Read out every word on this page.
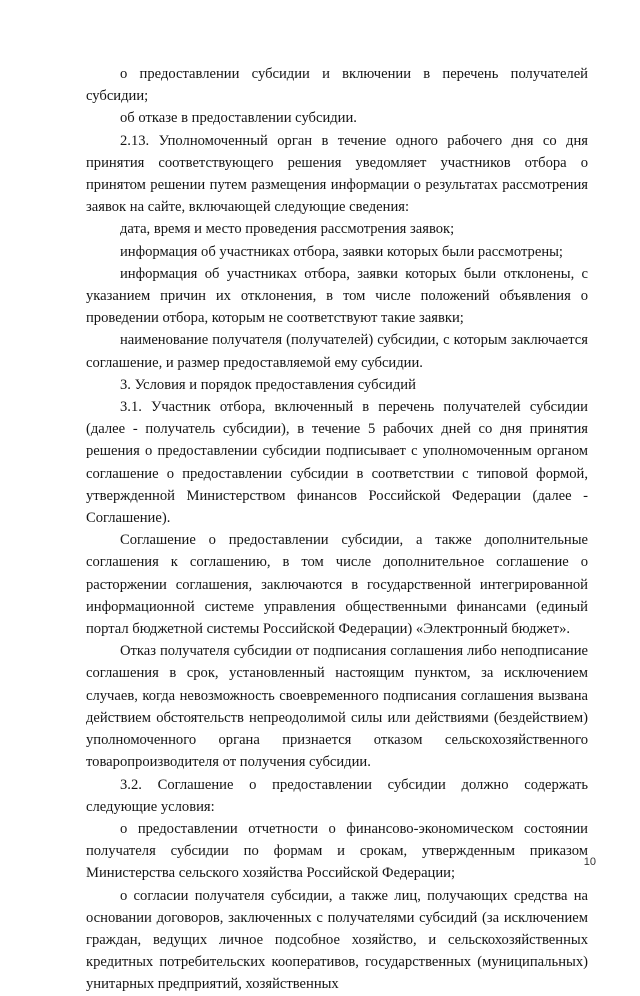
о предоставлении субсидии и включении в перечень получателей субсидии;

об отказе в предоставлении субсидии.

2.13. Уполномоченный орган в течение одного рабочего дня со дня принятия соответствующего решения уведомляет участников отбора о принятом решении путем размещения информации о результатах рассмотрения заявок на сайте, включающей следующие сведения:

дата, время и место проведения рассмотрения заявок;

информация об участниках отбора, заявки которых были рассмотрены;

информация об участниках отбора, заявки которых были отклонены, с указанием причин их отклонения, в том числе положений объявления о проведении отбора, которым не соответствуют такие заявки;

наименование получателя (получателей) субсидии, с которым заключается соглашение, и размер предоставляемой ему субсидии.

3. Условия и порядок предоставления субсидий

3.1. Участник отбора, включенный в перечень получателей субсидии (далее - получатель субсидии), в течение 5 рабочих дней со дня принятия решения о предоставлении субсидии подписывает с уполномоченным органом соглашение о предоставлении субсидии в соответствии с типовой формой, утвержденной Министерством финансов Российской Федерации (далее - Соглашение).

Соглашение о предоставлении субсидии, а также дополнительные соглашения к соглашению, в том числе дополнительное соглашение о расторжении соглашения, заключаются в государственной интегрированной информационной системе управления общественными финансами (единый портал бюджетной системы Российской Федерации) «Электронный бюджет».

Отказ получателя субсидии от подписания соглашения либо неподписание соглашения в срок, установленный настоящим пунктом, за исключением случаев, когда невозможность своевременного подписания соглашения вызвана действием обстоятельств непреодолимой силы или действиями (бездействием) уполномоченного органа признается отказом сельскохозяйственного товаропроизводителя от получения субсидии.

3.2. Соглашение о предоставлении субсидии должно содержать следующие условия:

о предоставлении отчетности о финансово-экономическом состоянии получателя субсидии по формам и срокам, утвержденным приказом Министерства сельского хозяйства Российской Федерации;

о согласии получателя субсидии, а также лиц, получающих средства на основании договоров, заключенных с получателями субсидий (за исключением граждан, ведущих личное подсобное хозяйство, и сельскохозяйственных кредитных потребительских кооперативов, государственных (муниципальных) унитарных предприятий, хозяйственных

10
